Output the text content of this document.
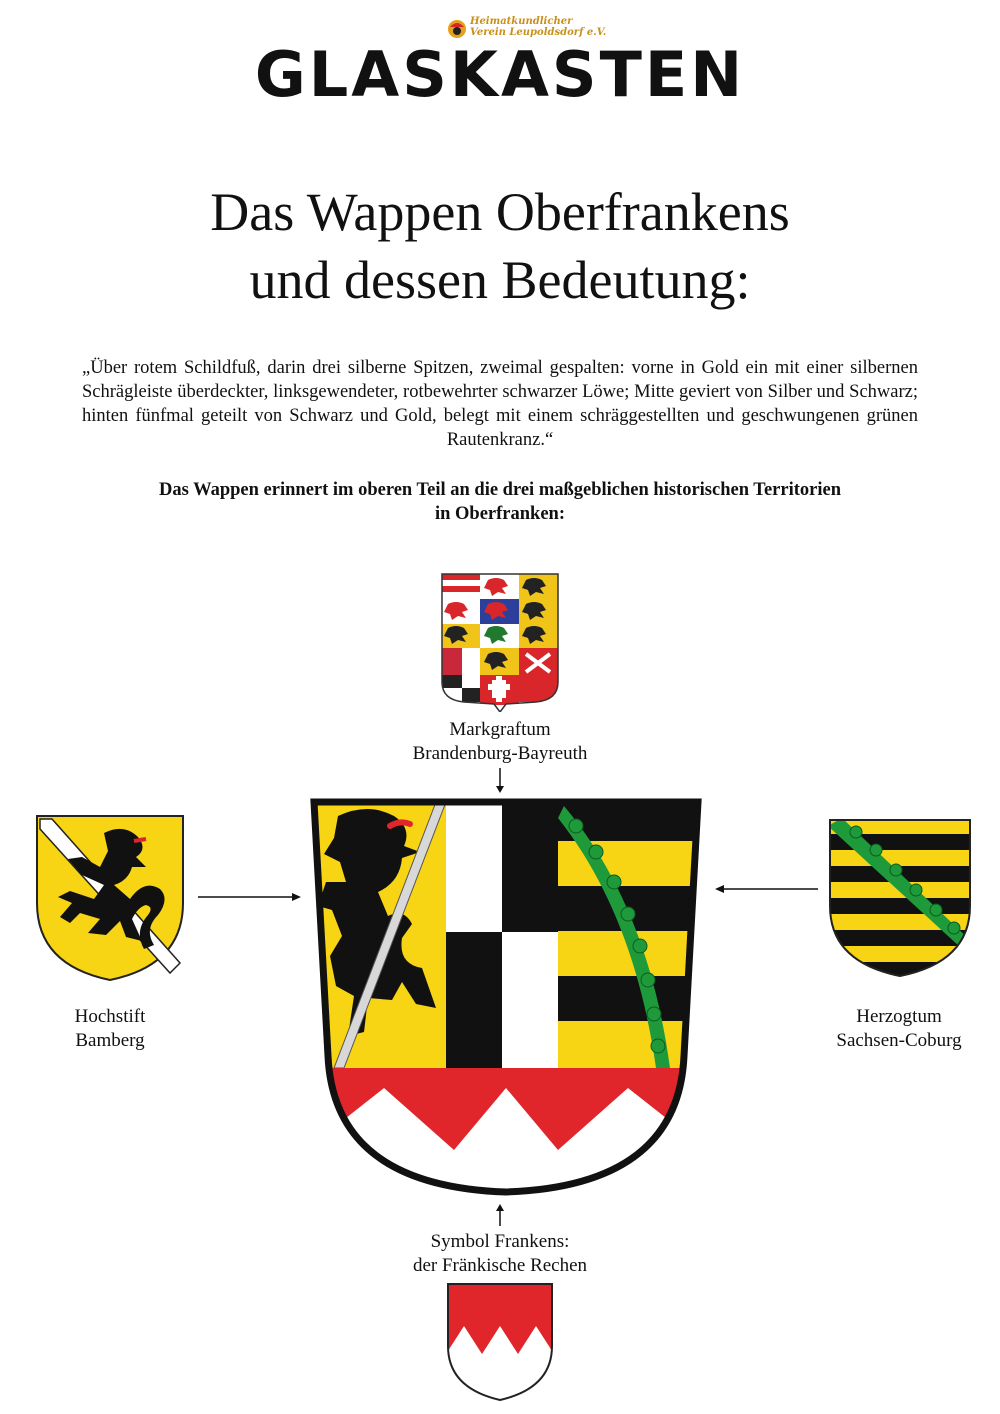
Heimatkundlicher
Verein Leupoldsdorf e.V.
GLASKASTEN
Das Wappen Oberfrankens
und dessen Bedeutung:
„Über rotem Schildfuß, darin drei silberne Spitzen, zweimal gespalten: vorne in Gold ein mit einer silbernen Schrägleiste überdeckter, linksgewendeter, rotbewehrter schwarzer Löwe; Mitte geviert von Silber und Schwarz; hinten fünfmal geteilt von Schwarz und Gold, belegt mit einem schräggestellten und geschwungenen grünen Rautenkranz.“
Das Wappen erinnert im oberen Teil an die drei maßgeblichen historischen Territorien
in Oberfranken:
Markgraftum
Brandenburg-Bayreuth
Hochstift
Bamberg
Herzogtum
Sachsen-Coburg
Symbol Frankens:
der Fränkische Rechen
